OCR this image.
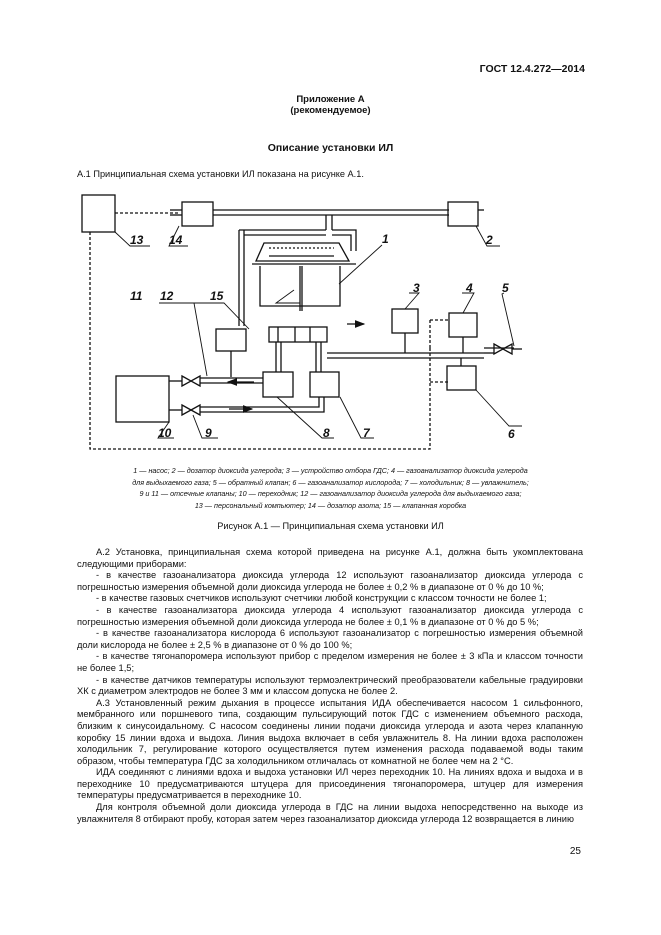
ГОСТ 12.4.272—2014
Приложение А
(рекомендуемое)
Описание установки ИЛ
А.1 Принципиальная схема установки ИЛ показана на рисунке А.1.
13 14	2
1
15
11 12
3	4 5
7
8
9
10	6
1 — насос; 2 — дозатор диоксида углерода; 3 — устройство отбора ГДС; 4 — газоанализатор диоксида углерода
для выдыхаемого газа; 5 — обратный клапан; 6 — газоанализатор кислорода; 7 — холодильник; 8 — увлажнитель;
9 и 11 — отсечные клапаны; 10 — переходник; 12 — газоанализатор диоксида углерода для выдыхаемого газа;
13 — персональный компьютер; 14 — дозатор азота; 15 — клапанная коробка
Рисунок А.1 — Принципиальная схема установки ИЛ

А.2 Установка, принципиальная схема которой приведена на рисунке А.1, должна быть укомплектована следующими приборами:

- в качестве газоанализатора диоксида углерода 12 используют газоанализатор диоксида углерода с погрешностью измерения объемной доли диоксида углерода не более ± 0,2 % в диапазоне от 0 % до 10 %;

- в качестве газовых счетчиков используют счетчики любой конструкции с классом точности не более 1;

- в качестве газоанализатора диоксида углерода 4 используют газоанализатор диоксида углерода с погрешностью измерения объемной доли диоксида углерода не более ± 0,1 % в диапазоне от 0 % до 5 %;

- в качестве газоанализатора кислорода 6 используют газоанализатор с погрешностью измерения объемной доли кислорода не более ± 2,5 % в диапазоне от 0 % до 100 %;

- в качестве тягонапоромера используют прибор с пределом измерения не более ± 3 кПа и классом точности не более 1,5;

- в качестве датчиков температуры используют термоэлектрический преобразователи кабельные градуировки ХК с диаметром электродов не более 3 мм и классом допуска не более 2.

А.3 Установленный режим дыхания в процессе испытания ИДА обеспечивается насосом 1 сильфонного, мембранного или поршневого типа, создающим пульсирующий поток ГДС с изменением объемного расхода, близким к синусоидальному. С насосом соединены линии подачи диоксида углерода и азота через клапанную коробку 15 линии вдоха и выдоха. Линия выдоха включает в себя увлажнитель 8. На линии вдоха расположен холодильник 7, регулирование которого осуществляется путем изменения расхода подаваемой воды таким образом, чтобы температура ГДС за холодильником отличалась от комнатной не более чем на 2 °С.

ИДА соединяют с линиями вдоха и выдоха установки ИЛ через переходник 10. На линиях вдоха и выдоха и в переходнике 10 предусматриваются штуцера для присоединения тягонапоромера, штуцер для измерения температуры предусматривается в переходнике 10.

Для контроля объемной доли диоксида углерода в ГДС на линии выдоха непосредственно на выходе из увлажнителя 8 отбирают пробу, которая затем через газоанализатор диоксида углерода 12 возвращается в линию

25
